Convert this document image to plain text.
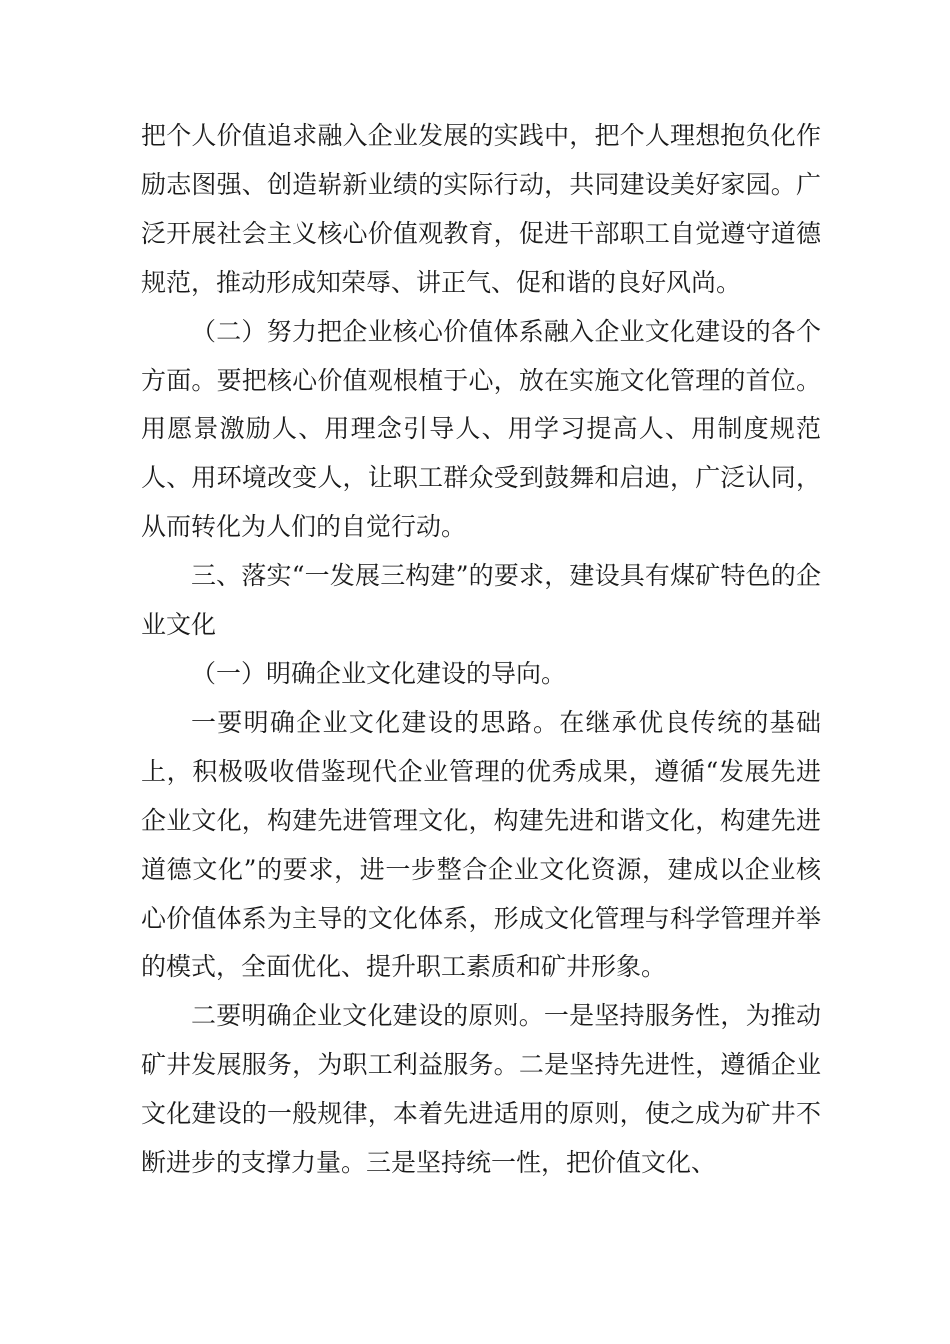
把个人价值追求融入企业发展的实践中，把个人理想抱负化作励志图强、创造崭新业绩的实际行动，共同建设美好家园。广泛开展社会主义核心价值观教育，促进干部职工自觉遵守道德规范，推动形成知荣辱、讲正气、促和谐的良好风尚。

（二）努力把企业核心价值体系融入企业文化建设的各个方面。要把核心价值观根植于心，放在实施文化管理的首位。用愿景激励人、用理念引导人、用学习提高人、用制度规范人、用环境改变人，让职工群众受到鼓舞和启迪，广泛认同，从而转化为人们的自觉行动。

三、落实“一发展三构建”的要求，建设具有煤矿特色的企业文化

（一）明确企业文化建设的导向。

一要明确企业文化建设的思路。在继承优良传统的基础上，积极吸收借鉴现代企业管理的优秀成果，遵循“发展先进企业文化，构建先进管理文化，构建先进和谐文化，构建先进道德文化”的要求，进一步整合企业文化资源，建成以企业核心价值体系为主导的文化体系，形成文化管理与科学管理并举的模式，全面优化、提升职工素质和矿井形象。

二要明确企业文化建设的原则。一是坚持服务性，为推动矿井发展服务，为职工利益服务。二是坚持先进性，遵循企业文化建设的一般规律，本着先进适用的原则，使之成为矿井不断进步的支撑力量。三是坚持统一性，把价值文化、
